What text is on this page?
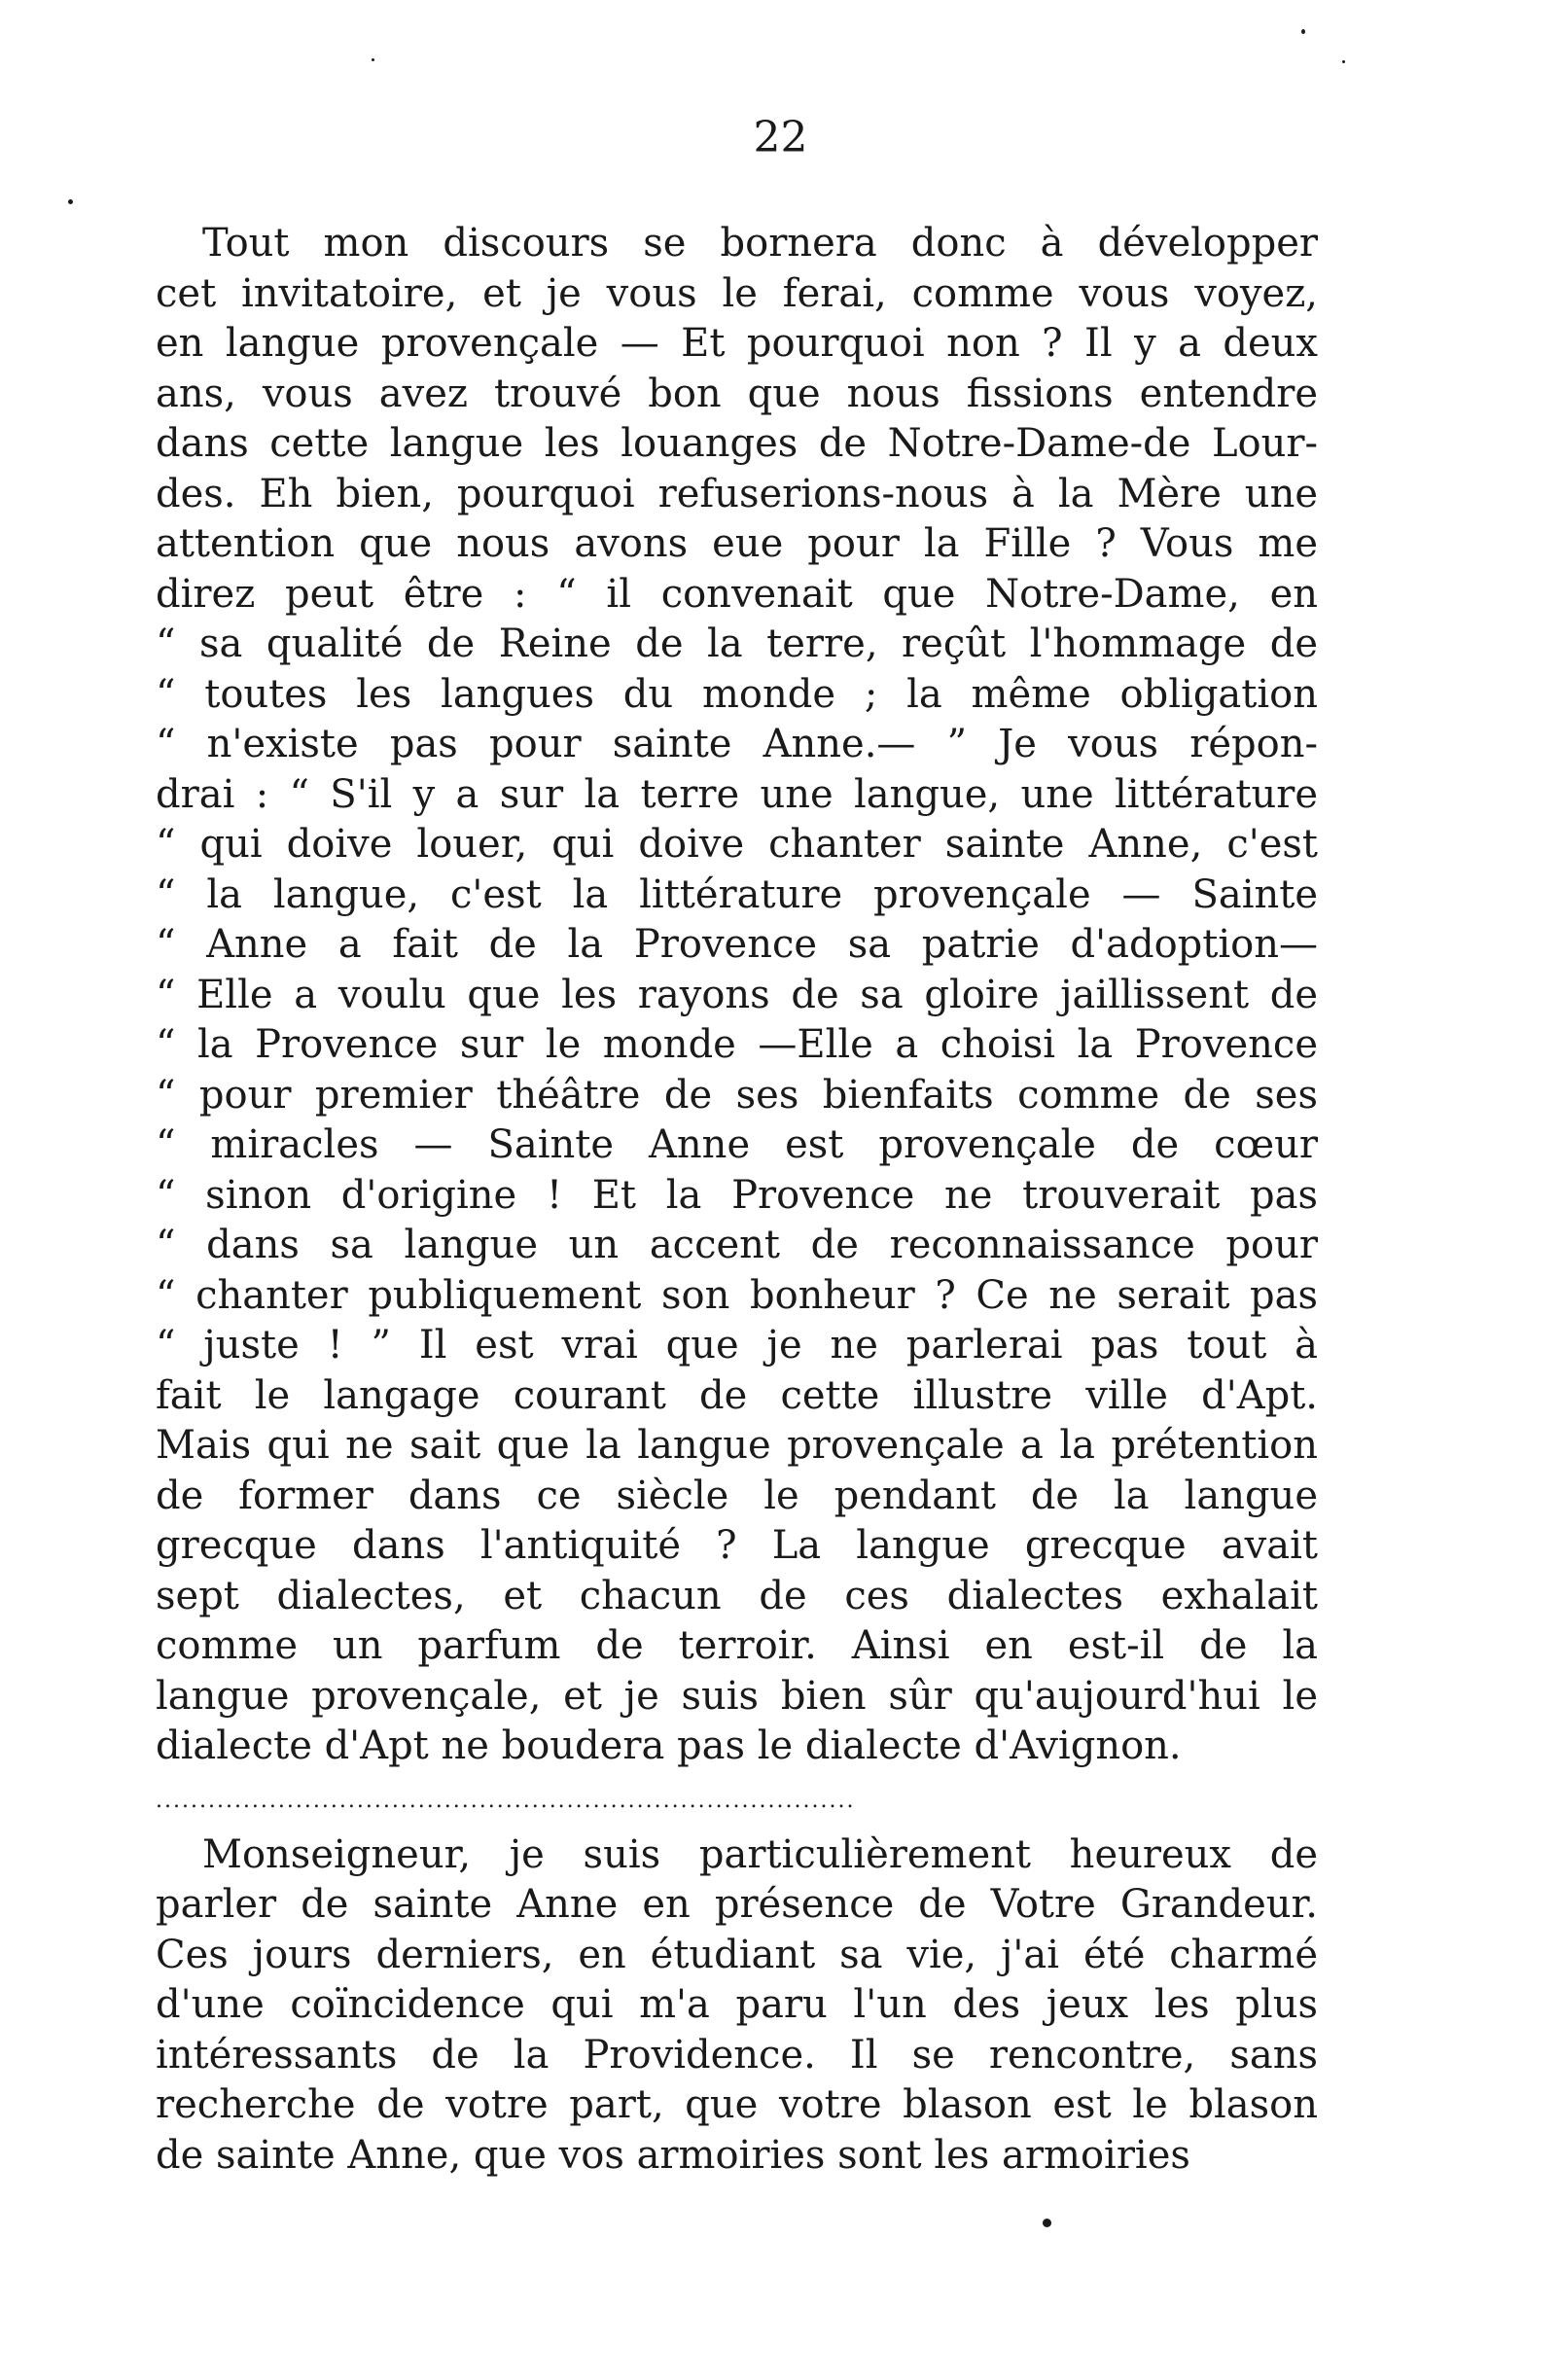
22
Tout mon discours se bornera donc à développer
cet invitatoire, et je vous le ferai, comme vous voyez,
en langue provençale — Et pourquoi non ? Il y a deux
ans, vous avez trouvé bon que nous fissions entendre
dans cette langue les louanges de Notre-Dame-de Lour-
des. Eh bien, pourquoi refuserions-nous à la Mère une
attention que nous avons eue pour la Fille ? Vous me
direz peut être : “ il convenait que Notre-Dame, en
“ sa qualité de Reine de la terre, reçût l'hommage de
“ toutes les langues du monde ; la même obligation
“ n'existe pas pour sainte Anne.— ” Je vous répon-
drai : “ S'il y a sur la terre une langue, une littérature
“ qui doive louer, qui doive chanter sainte Anne, c'est
“ la langue, c'est la littérature provençale — Sainte
“ Anne a fait de la Provence sa patrie d'adoption—
“ Elle a voulu que les rayons de sa gloire jaillissent de
“ la Provence sur le monde —Elle a choisi la Provence
“ pour premier théâtre de ses bienfaits comme de ses
“ miracles — Sainte Anne est provençale de cœur
“ sinon d'origine ! Et la Provence ne trouverait pas
“ dans sa langue un accent de reconnaissance pour
“ chanter publiquement son bonheur ? Ce ne serait pas
“ juste ! ” Il est vrai que je ne parlerai pas tout à
fait le langage courant de cette illustre ville d'Apt.
Mais qui ne sait que la langue provençale a la prétention
de former dans ce siècle le pendant de la langue
grecque dans l'antiquité ? La langue grecque avait
sept dialectes, et chacun de ces dialectes exhalait
comme un parfum de terroir. Ainsi en est-il de la
langue provençale, et je suis bien sûr qu'aujourd'hui le
dialecte d'Apt ne boudera pas le dialecte d'Avignon.
................................................................................
Monseigneur, je suis particulièrement heureux de
parler de sainte Anne en présence de Votre Grandeur.
Ces jours derniers, en étudiant sa vie, j'ai été charmé
d'une coïncidence qui m'a paru l'un des jeux les plus
intéressants de la Providence. Il se rencontre, sans
recherche de votre part, que votre blason est le blason
de sainte Anne, que vos armoiries sont les armoiries
